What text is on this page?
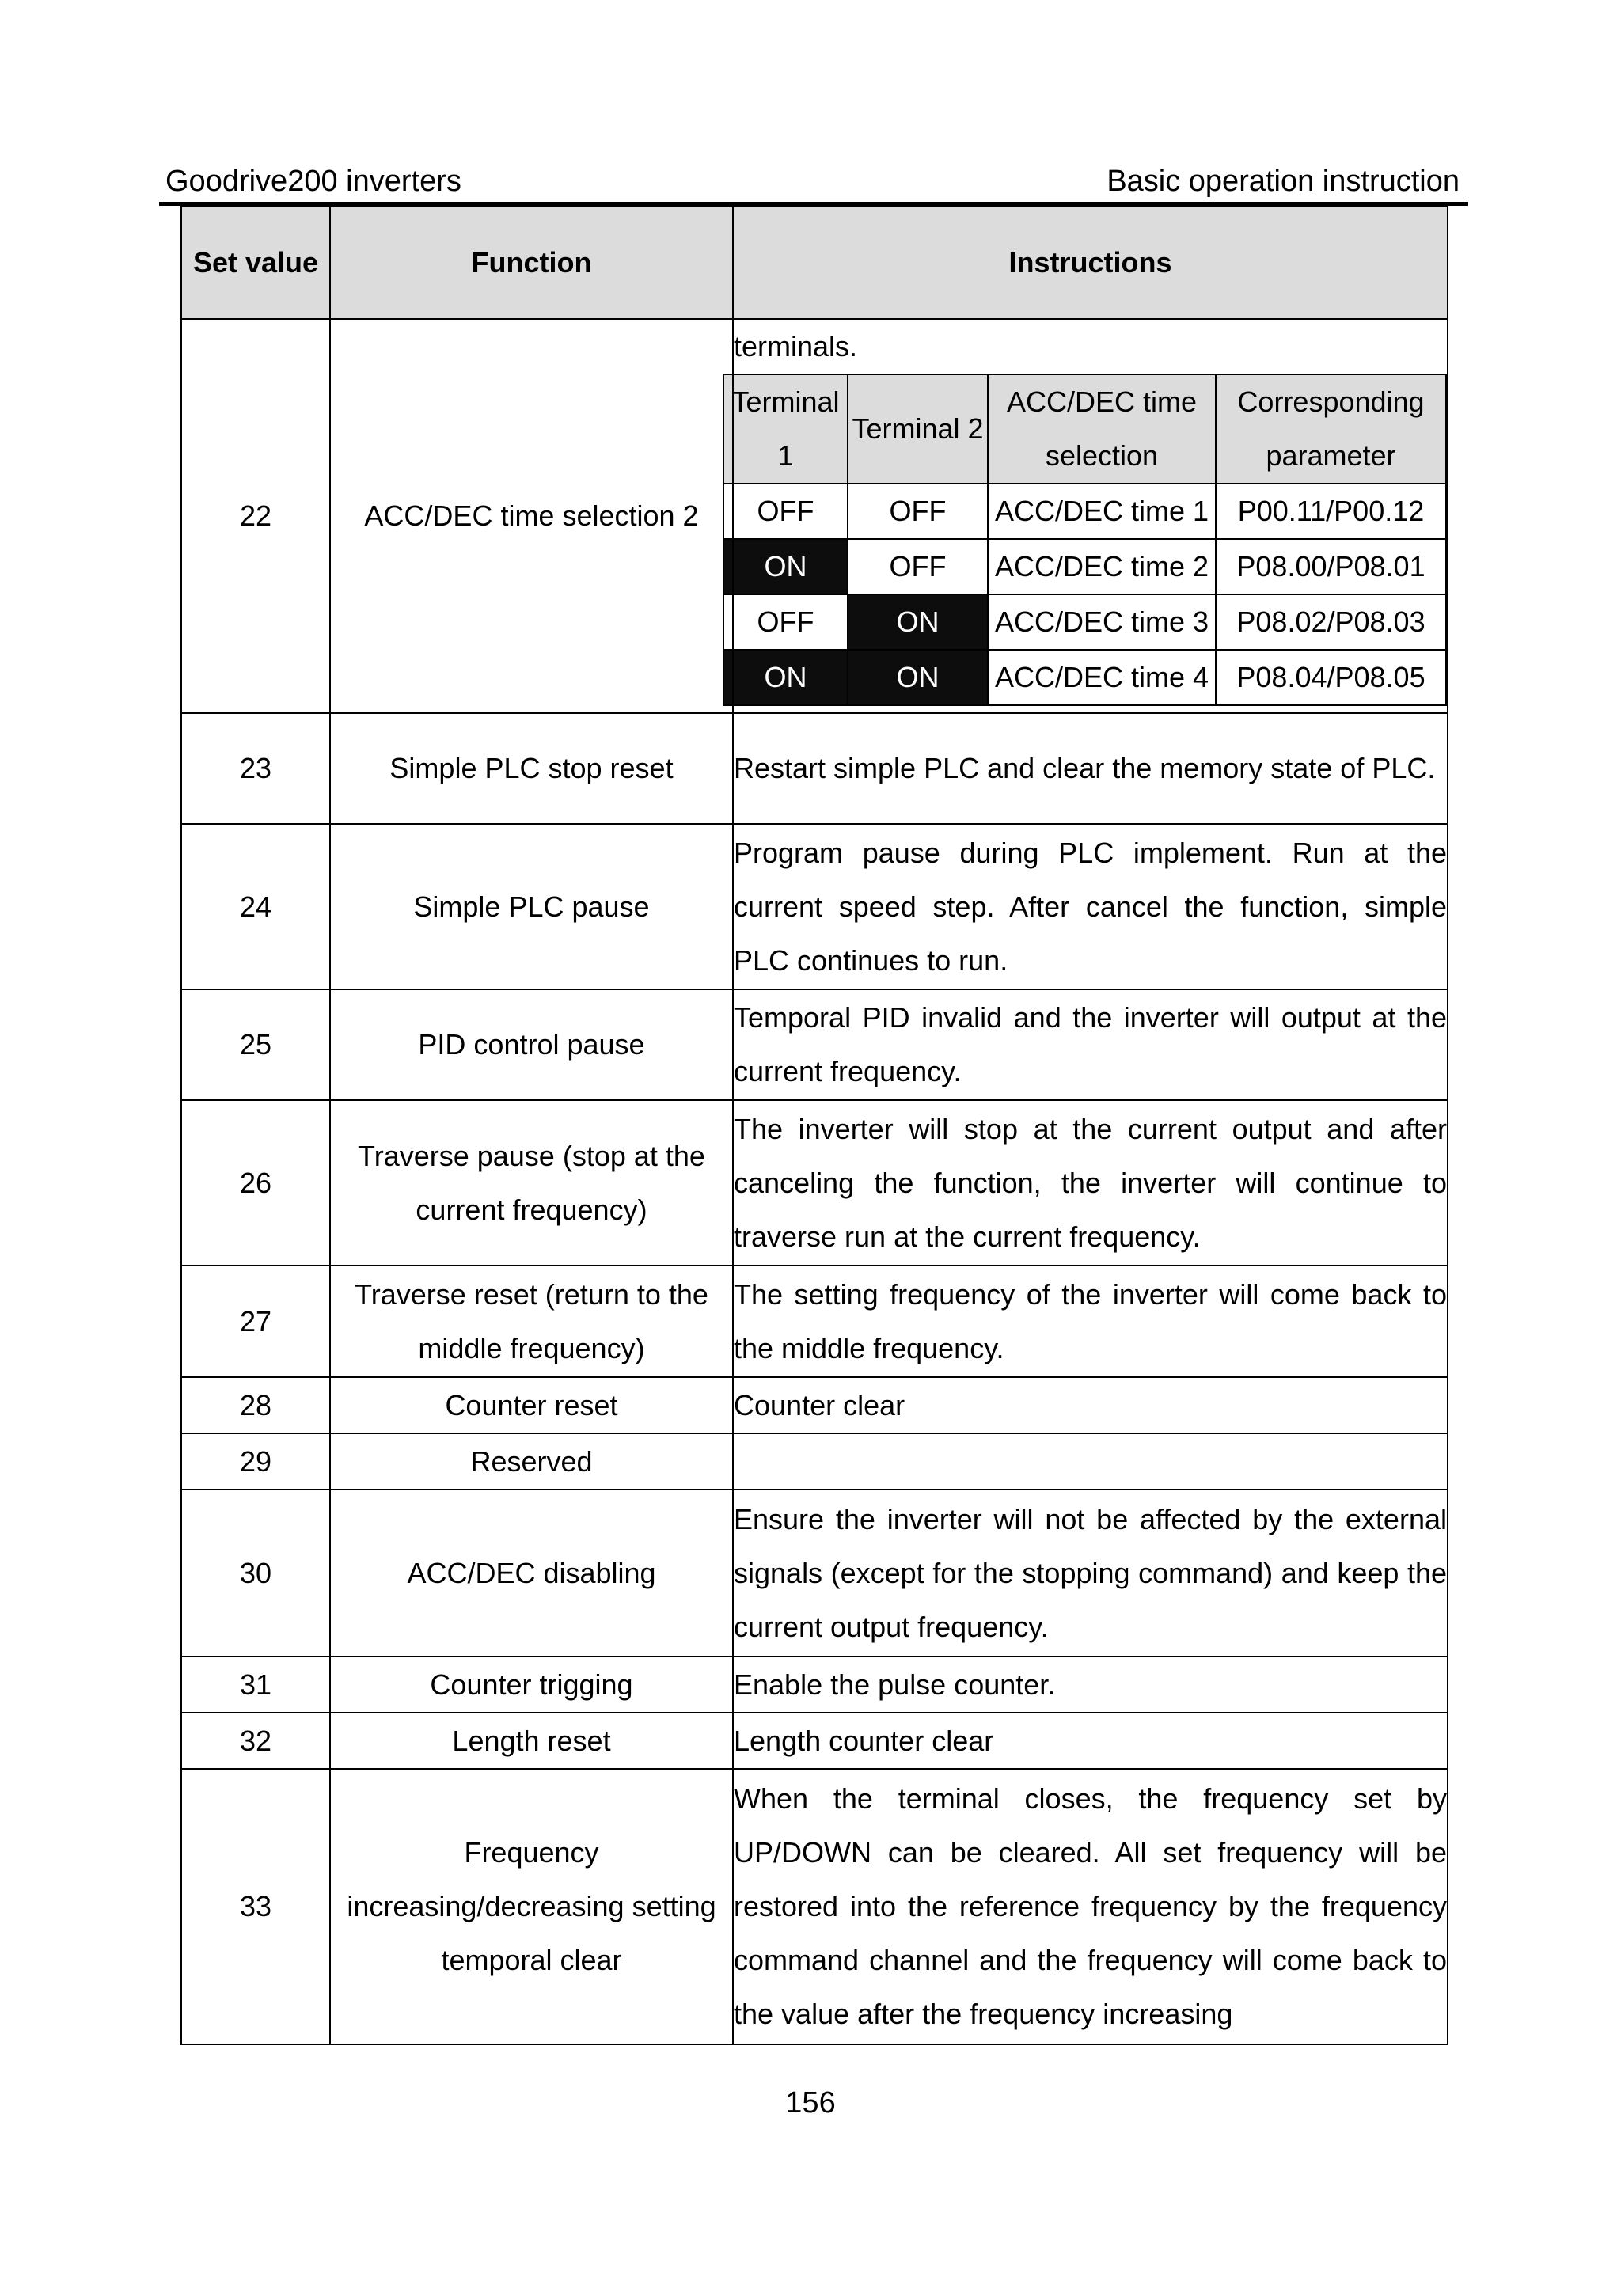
Goodrive200 inverters	Basic operation instruction
Set value	Function	Instructions
22	ACC/DEC time selection 2	
terminals.
Terminal 1	Terminal 2	ACC/DEC time selection	Corresponding parameter
OFF	OFF	ACC/DEC time 1	P00.11/P00.12
ON	OFF	ACC/DEC time 2	P08.00/P08.01
OFF	ON	ACC/DEC time 3	P08.02/P08.03
ON	ON	ACC/DEC time 4	P08.04/P08.05

23	Simple PLC stop reset	Restart simple PLC and clear the memory state of PLC.
24	Simple PLC pause	Program pause during PLC implement. Run at the current speed step. After cancel the function, simple PLC continues to run.
25	PID control pause	Temporal PID invalid and the inverter will output at the current frequency.
26	Traverse pause (stop at the current frequency)	The inverter will stop at the current output and after canceling the function, the inverter will continue to traverse run at the current frequency.
27	Traverse reset (return to the middle frequency)	The setting frequency of the inverter will come back to the middle frequency.
28	Counter reset	Counter clear
29	Reserved	
30	ACC/DEC disabling	Ensure the inverter will not be affected by the external signals (except for the stopping command) and keep the current output frequency.
31	Counter trigging	Enable the pulse counter.
32	Length reset	Length counter clear
33	Frequency increasing/decreasing setting temporal clear	When the terminal closes, the frequency set by UP/DOWN can be cleared. All set frequency will be restored into the reference frequency by the frequency command channel and the frequency will come back to the value after the frequency increasing
156
